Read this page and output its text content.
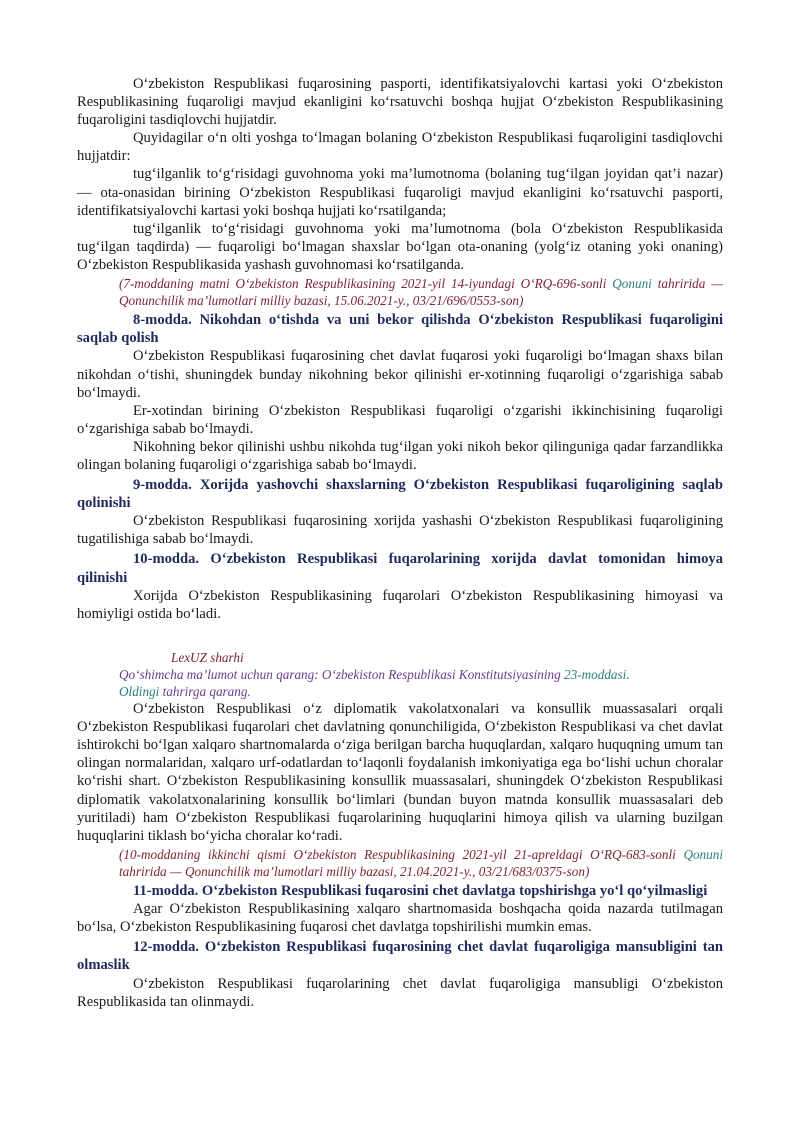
O‘zbekiston Respublikasi fuqarosining pasporti, identifikatsiyalovchi kartasi yoki O‘zbekiston Respublikasining fuqaroligi mavjud ekanligini ko‘rsatuvchi boshqa hujjat O‘zbekiston Respublikasining fuqaroligini tasdiqlovchi hujjatdir.

Quyidagilar o‘n olti yoshga to‘lmagan bolaning O‘zbekiston Respublikasi fuqaroligini tasdiqlovchi hujjatdir:

tug‘ilganlik to‘g‘risidagi guvohnoma yoki ma’lumotnoma (bolaning tug‘ilgan joyidan qat’i nazar) — ota-onasidan birining O‘zbekiston Respublikasi fuqaroligi mavjud ekanligini ko‘rsatuvchi pasporti, identifikatsiyalovchi kartasi yoki boshqa hujjati ko‘rsatilganda;

tug‘ilganlik to‘g‘risidagi guvohnoma yoki ma’lumotnoma (bola O‘zbekiston Respublikasida tug‘ilgan taqdirda) — fuqaroligi bo‘lmagan shaxslar bo‘lgan ota-onaning (yolg‘iz otaning yoki onaning) O‘zbekiston Respublikasida yashash guvohnomasi ko‘rsatilganda.

(7-moddaning matni O‘zbekiston Respublikasining 2021-yil 14-iyundagi O‘RQ-696-sonli Qonuni tahririda — Qonunchilik ma’lumotlari milliy bazasi, 15.06.2021-y., 03/21/696/0553-son)

8-modda. Nikohdan o‘tishda va uni bekor qilishda O‘zbekiston Respublikasi fuqaroligini saqlab qolish

O‘zbekiston Respublikasi fuqarosining chet davlat fuqarosi yoki fuqaroligi bo‘lmagan shaxs bilan nikohdan o‘tishi, shuningdek bunday nikohning bekor qilinishi er-xotinning fuqaroligi o‘zgarishiga sabab bo‘lmaydi.

Er-xotindan birining O‘zbekiston Respublikasi fuqaroligi o‘zgarishi ikkinchisining fuqaroligi o‘zgarishiga sabab bo‘lmaydi.

Nikohning bekor qilinishi ushbu nikohda tug‘ilgan yoki nikoh bekor qilinguniga qadar farzandlikka olingan bolaning fuqaroligi o‘zgarishiga sabab bo‘lmaydi.

9-modda. Xorijda yashovchi shaxslarning O‘zbekiston Respublikasi fuqaroligining saqlab qolinishi

O‘zbekiston Respublikasi fuqarosining xorijda yashashi O‘zbekiston Respublikasi fuqaroligining tugatilishiga sabab bo‘lmaydi.

10-modda. O‘zbekiston Respublikasi fuqarolarining xorijda davlat tomonidan himoya qilinishi

Xorijda O‘zbekiston Respublikasining fuqarolari O‘zbekiston Respublikasining himoyasi va homiyligi ostida bo‘ladi.

LexUZ sharhi
Qo‘shimcha ma’lumot uchun qarang: O‘zbekiston Respublikasi Konstitutsiyasining 23-moddasi.
Oldingi tahrirga qarang.

O‘zbekiston Respublikasi o‘z diplomatik vakolatxonalari va konsullik muassasalari orqali O‘zbekiston Respublikasi fuqarolari chet davlatning qonunchiligida, O‘zbekiston Respublikasi va chet davlat ishtirokchi bo‘lgan xalqaro shartnomalarda o‘ziga berilgan barcha huquqlardan, xalqaro huquqning umum tan olingan normalaridan, xalqaro urf-odatlardan to‘laqonli foydalanish imkoniyatiga ega bo‘lishi uchun choralar ko‘rishi shart. O‘zbekiston Respublikasining konsullik muassasalari, shuningdek O‘zbekiston Respublikasi diplomatik vakolatxonalarining konsullik bo‘limlari (bundan buyon matnda konsullik muassasalari deb yuritiladi) ham O‘zbekiston Respublikasi fuqarolarining huquqlarini himoya qilish va ularning buzilgan huquqlarini tiklash bo‘yicha choralar ko‘radi.

(10-moddaning ikkinchi qismi O‘zbekiston Respublikasining 2021-yil 21-apreldagi O‘RQ-683-sonli Qonuni tahririda — Qonunchilik ma’lumotlari milliy bazasi, 21.04.2021-y., 03/21/683/0375-son)

11-modda. O‘zbekiston Respublikasi fuqarosini chet davlatga topshirishga yo‘l qo‘yilmasligi

Agar O‘zbekiston Respublikasining xalqaro shartnomasida boshqacha qoida nazarda tutilmagan bo‘lsa, O‘zbekiston Respublikasining fuqarosi chet davlatga topshirilishi mumkin emas.

12-modda. O‘zbekiston Respublikasi fuqarosining chet davlat fuqaroligiga mansubligini tan olmaslik

O‘zbekiston Respublikasi fuqarolarining chet davlat fuqaroligiga mansubligi O‘zbekiston Respublikasida tan olinmaydi.
